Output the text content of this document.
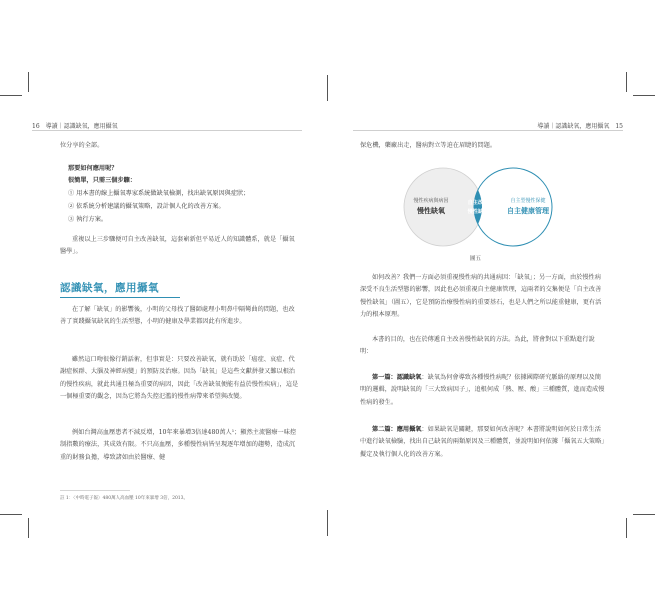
16　導讀｜認識缺氧，應用攝氧

位分享的全部。

那要如何應用呢？

很簡單，只需三個步驟：

① 用本書的線上攝氧專家系統做缺氧檢測，找出缺氧原因與症狀；

② 依系統分析建議的攝氧策略，設計個人化的改善方案。

③ 執行方案。

重複以上三步驟便可自主改善缺氧，這套嶄新但平易近人的知識體系，就是「攝氧醫學」。

認識缺氧，應用攝氧

在了解「缺氧」的影響後，小明的父母找了醫師處理小明鼻中隔彎曲的問題，也改善了實踐攝氧缺氧的生活型態，小明的健康及學業都因此有所進步。

雖然這口吻很像行銷話術，但事實是：只要改善缺氧，就有助於「癌症、哀症、代謝症候群、大腦及神經病變」的預防及治療。因為「缺氧」是這些文獻拼發又難以根治的慢性疾病，就此共通且極為重要的病因，因此「改善缺氧便能有益於慢性疾病」，這是一個極重要的觀念，因為它將為失控氾濫的慢性病帶來希望與改變。

例如台灣高血壓患者不減反增，10年來暴增3倍達480萬人¹；顯然主流醫療一味控制指數的療法，其成效有限。不只高血壓，多種慢性病皆呈現逐年增加的趨勢，造成沉重的財務負擔，導致諸如由於醫療、健

註 1：〈中時電子報〉480萬人高血壓 10年來暴增 3倍，2013。
導讀｜認識缺氧，應用攝氧　15

保危機，藥廠出走，醫病對立等迫在眉睫的問題。

慢性疾病與病因
慢性缺氧
自主改善
慢性缺氧
自主型慢性保健
自主健康管理

圖五

如何改善？我們一方面必須重視慢性病的共通病因：「缺氧」；另一方面，由於慢性病深受不良生活型態的影響，因此也必須重視自主健康管理，這兩者的交集便是「自主改善慢性缺氧」（圖五），它是預防治療慢性病的重要基石，也是人們之所以能重健康，更有活力的根本原理。

本書的目的，也在於傳遞自主改善慢性缺氧的方法。為此，將會對以下重點進行說明：

第一篇：認識缺氧：缺氧為何會導致各種慢性病呢？依據國際研究脈絡的原理以及簡明的邏輯，說明缺氧的「三大致病因子」，追根何成「熱、壓、酸」三種體質，進而造成慢性病的發生。

第二篇：應用攝氧：如果缺氧是關鍵，那要如何改善呢？本書將說明如何於日常生活中進行缺氧檢驗，找出自己缺氧的兩類原因及三種體質，並說明如何依據「攝氧五大策略」擬定及執行個人化的改善方案。
